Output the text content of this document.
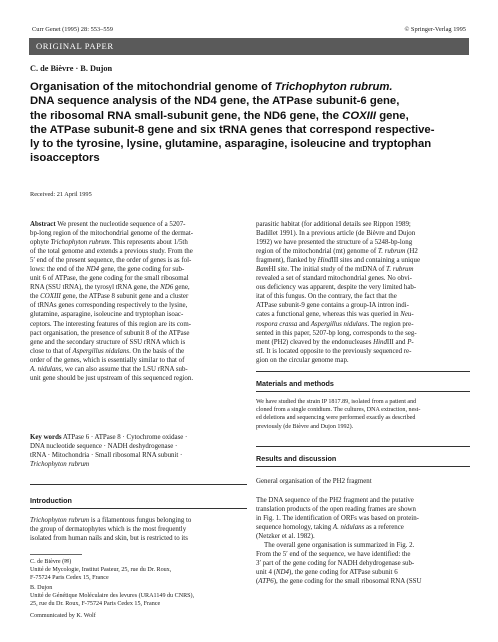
Curr Genet (1995) 28: 553–559	© Springer-Verlag 1995
ORIGINAL PAPER
C. de Bièvre · B. Dujon
Organisation of the mitochondrial genome of Trichophyton rubrum.
DNA sequence analysis of the ND4 gene, the ATPase subunit-6 gene,
the ribosomal RNA small-subunit gene, the ND6 gene, the COXIII gene,
the ATPase subunit-8 gene and six tRNA genes that correspond respective-
ly to the tyrosine, lysine, glutamine, asparagine, isoleucine and tryptophan
isoacceptors
Received: 21 April 1995
Abstract We present the nucleotide sequence of a 5207-
bp-long region of the mitochondrial genome of the dermat-
ophyte Trichophyton rubrum. This represents about 1/5th
of the total genome and extends a previous study. From the
5′ end of the present sequence, the order of genes is as fol-
lows: the end of the ND4 gene, the gene coding for sub-
unit 6 of ATPase, the gene coding for the small ribosomal
RNA (SSU tRNA), the tyrosyl tRNA gene, the ND6 gene,
the COXIII gene, the ATPase 8 subunit gene and a cluster
of tRNAs genes corresponding respectively to the lysine,
glutamine, asparagine, isoleucine and tryptophan isoac-
ceptors. The interesting features of this region are its com-
pact organisation, the presence of subunit 8 of the ATPase
gene and the secondary structure of SSU rRNA which is
close to that of Aspergillus nidulans. On the basis of the
order of the genes, which is essentially similar to that of
A. nidulans, we can also assume that the LSU rRNA sub-
unit gene should be just upstream of this sequenced region.
Key words ATPase 6 · ATPase 8 · Cytochrome oxidase ·
DNA nucleotide sequence · NADH deshydrogenase ·
tRNA · Mitochondria · Small ribosomal RNA subunit ·
Trichophyton rubrum
Introduction
Trichophyton rubrum is a filamentous fungus belonging to
the group of dermatophytes which is the most frequently
isolated from human nails and skin, but is restricted to its
C. de Bièvre (✉)
Unité de Mycologie, Institut Pasteur, 25, rue du Dr. Roux,
F-75724 Paris Cedex 15, France
B. Dujon
Unité de Génétique Moléculaire des levures (URA1149 du CNRS),
25, rue du Dr. Roux, F-75724 Paris Cedex 15, France
Communicated by K. Wolf
parasitic habitat (for additional details see Rippon 1989;
Badillet 1991). In a previous article (de Bièvre and Dujon
1992) we have presented the structure of a 5248-bp-long
region of the mitochondrial (mt) genome of T. rubrum (H2
fragment), flanked by HindIII sites and containing a unique
BamHI site. The initial study of the mtDNA of T. rubrum
revealed a set of standard mitochondrial genes. No obvi-
ous deficiency was apparent, despite the very limited hab-
itat of this fungus. On the contrary, the fact that the
ATPase subunit-9 gene contains a group-IA intron indi-
cates a functional gene, whereas this was queried in Neu-
rospora crassa and Aspergillus nidulans. The region pre-
sented in this paper, 5207-bp long, corresponds to the seg-
ment (PH2) cleaved by the endonucleases HindIII and P-
stI. It is located opposite to the previously sequenced re-
gion on the circular genome map.
Materials and methods
We have studied the strain IP 1817.89, isolated from a patient and
cloned from a single conidium. The cultures, DNA extraction, nest-
ed deletions and sequencing were performed exactly as described
previously (de Bièvre and Dujon 1992).
Results and discussion
General organisation of the PH2 fragment
The DNA sequence of the PH2 fragment and the putative
translation products of the open reading frames are shown
in Fig. 1. The identification of ORFs was based on protein-
sequence homology, taking A. nidulans as a reference
(Netzker et al. 1982).
The overall gene organisation is summarized in Fig. 2.
From the 5′ end of the sequence, we have identified: the
3′ part of the gene coding for NADH dehydrogenase sub-
unit 4 (ND4), the gene coding for ATPase subunit 6
(ATP6), the gene coding for the small ribosomal RNA (SSU
